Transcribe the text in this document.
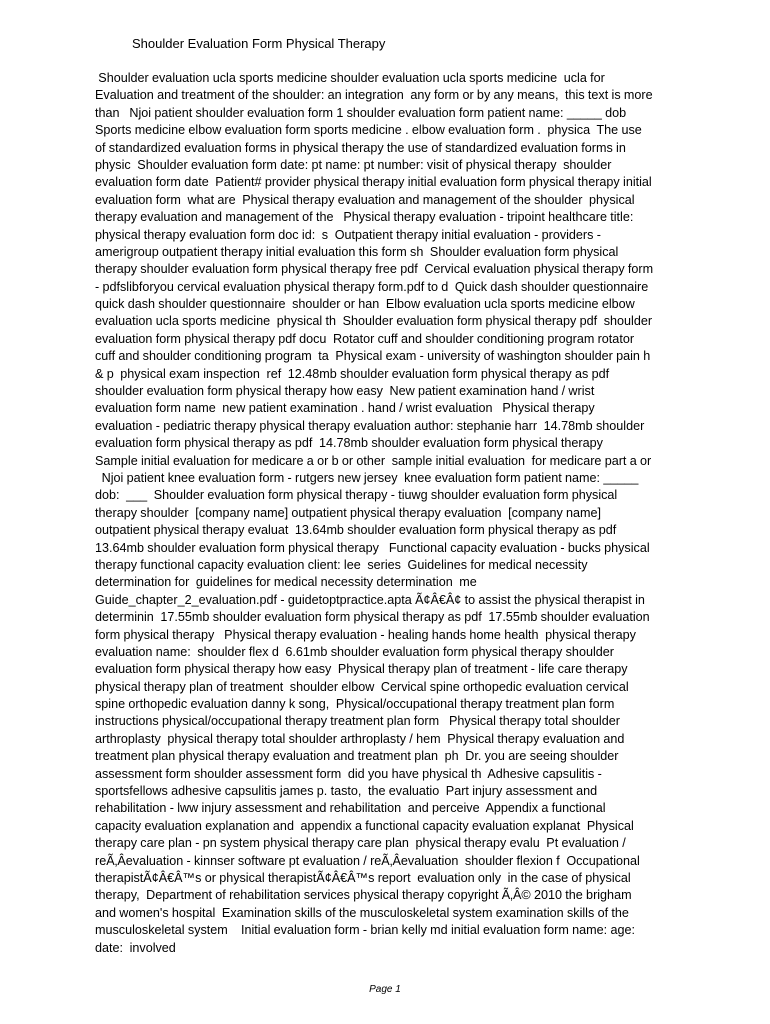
Shoulder Evaluation Form Physical Therapy
Shoulder evaluation ucla sports medicine shoulder evaluation ucla sports medicine  ucla for
Evaluation and treatment of the shoulder: an integration  any form or by any means,  this text is more
than   Njoi patient shoulder evaluation form 1 shoulder evaluation form patient name: _____ dob
Sports medicine elbow evaluation form sports medicine . elbow evaluation form .  physica  The use
of standardized evaluation forms in physical therapy the use of standardized evaluation forms in
physic  Shoulder evaluation form date: pt name: pt number: visit of physical therapy  shoulder
evaluation form date  Patient# provider physical therapy initial evaluation form physical therapy initial
evaluation form  what are  Physical therapy evaluation and management of the shoulder  physical
therapy evaluation and management of the   Physical therapy evaluation - tripoint healthcare title:
physical therapy evaluation form doc id:  s  Outpatient therapy initial evaluation - providers -
amerigroup outpatient therapy initial evaluation this form sh  Shoulder evaluation form physical
therapy shoulder evaluation form physical therapy free pdf  Cervical evaluation physical therapy form
- pdfslibforyou cervical evaluation physical therapy form.pdf to d  Quick dash shoulder questionnaire
quick dash shoulder questionnaire  shoulder or han  Elbow evaluation ucla sports medicine elbow
evaluation ucla sports medicine  physical th  Shoulder evaluation form physical therapy pdf  shoulder
evaluation form physical therapy pdf docu  Rotator cuff and shoulder conditioning program rotator
cuff and shoulder conditioning program  ta  Physical exam - university of washington shoulder pain h
& p  physical exam inspection  ref  12.48mb shoulder evaluation form physical therapy as pdf
shoulder evaluation form physical therapy how easy  New patient examination hand / wrist
evaluation form name  new patient examination . hand / wrist evaluation   Physical therapy
evaluation - pediatric therapy physical therapy evaluation author: stephanie harr  14.78mb shoulder
evaluation form physical therapy as pdf  14.78mb shoulder evaluation form physical therapy
Sample initial evaluation for medicare a or b or other  sample initial evaluation  for medicare part a or
Njoi patient knee evaluation form - rutgers new jersey  knee evaluation form patient name: _____
dob:  ___  Shoulder evaluation form physical therapy - tiuwg shoulder evaluation form physical
therapy shoulder  [company name] outpatient physical therapy evaluation  [company name]
outpatient physical therapy evaluat  13.64mb shoulder evaluation form physical therapy as pdf
13.64mb shoulder evaluation form physical therapy   Functional capacity evaluation - bucks physical
therapy functional capacity evaluation client: lee  series  Guidelines for medical necessity
determination for  guidelines for medical necessity determination  me
Guide_chapter_2_evaluation.pdf - guidetoptpractice.apta Ã¢Â€Â¢ to assist the physical therapist in
determinin  17.55mb shoulder evaluation form physical therapy as pdf  17.55mb shoulder evaluation
form physical therapy   Physical therapy evaluation - healing hands home health  physical therapy
evaluation name:  shoulder flex d  6.61mb shoulder evaluation form physical therapy shoulder
evaluation form physical therapy how easy  Physical therapy plan of treatment - life care therapy
physical therapy plan of treatment  shoulder elbow  Cervical spine orthopedic evaluation cervical
spine orthopedic evaluation danny k song,  Physical/occupational therapy treatment plan form
instructions physical/occupational therapy treatment plan form   Physical therapy total shoulder
arthroplasty  physical therapy total shoulder arthroplasty / hem  Physical therapy evaluation and
treatment plan physical therapy evaluation and treatment plan  ph  Dr. you are seeing shoulder
assessment form shoulder assessment form  did you have physical th  Adhesive capsulitis -
sportsfellows adhesive capsulitis james p. tasto,  the evaluatio  Part injury assessment and
rehabilitation - lww injury assessment and rehabilitation  and perceive  Appendix a functional
capacity evaluation explanation and  appendix a functional capacity evaluation explanat  Physical
therapy care plan - pn system physical therapy care plan  physical therapy evalu  Pt evaluation /
reÃ‚Âevaluation - kinnser software pt evaluation / reÃ‚Âevaluation  shoulder flexion f  Occupational
therapistÃ¢Â€Â™s or physical therapistÃ¢Â€Â™s report  evaluation only  in the case of physical
therapy,  Department of rehabilitation services physical therapy copyright Ã‚Â© 2010 the brigham
and women's hospital  Examination skills of the musculoskeletal system examination skills of the
musculoskeletal system    Initial evaluation form - brian kelly md initial evaluation form name: age:
date:  involved
Page 1
